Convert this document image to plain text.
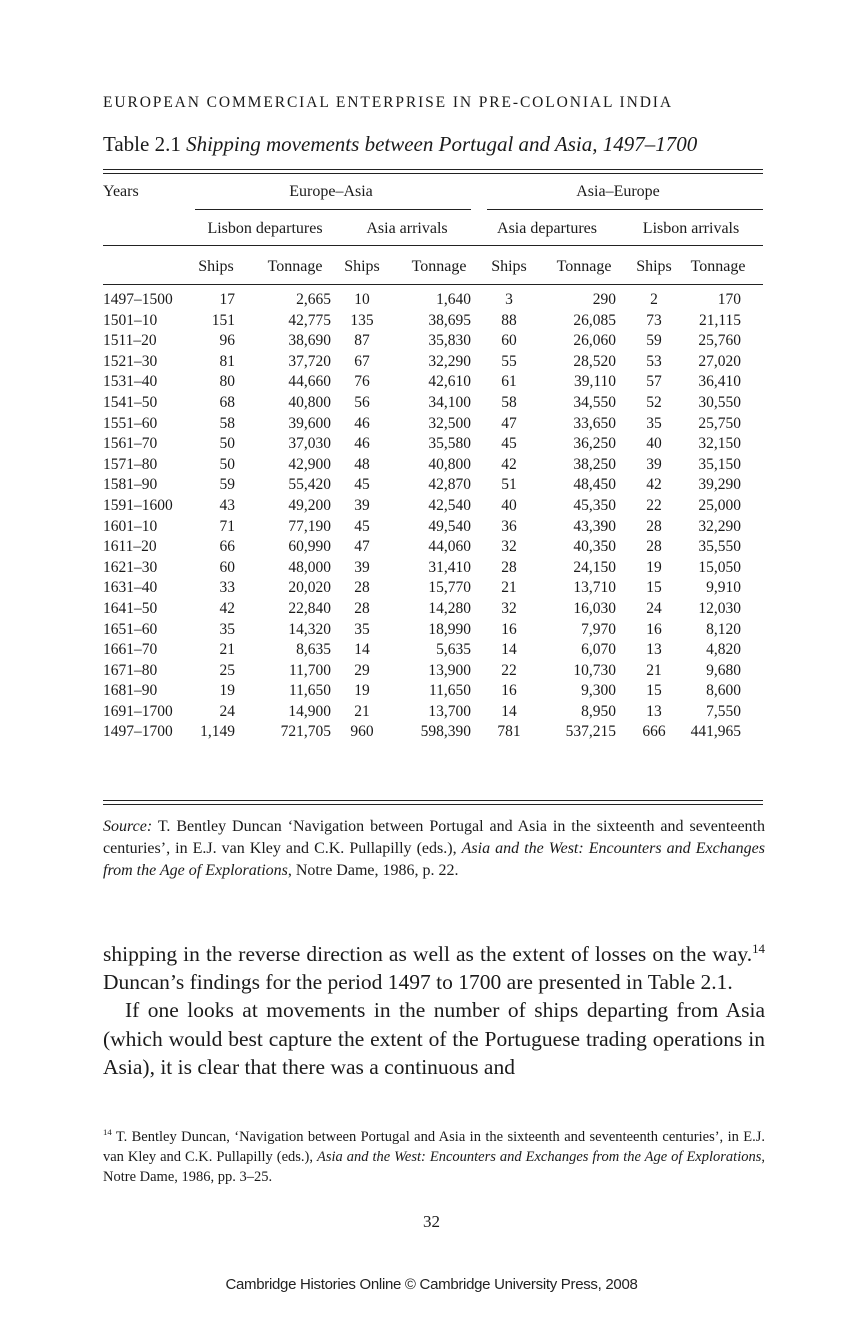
EUROPEAN COMMERCIAL ENTERPRISE IN PRE-COLONIAL INDIA
Table 2.1 Shipping movements between Portugal and Asia, 1497–1700
Years	Europe–Asia	Asia–Europe
Lisbon departures	Asia arrivals	Asia departures	Lisbon arrivals
Ships Tonnage Ships Tonnage Ships Tonnage Ships Tonnage
1497–1500	17	2,665 10	1,640 3	290 2	170
1501–10	151	42,775 135	38,695 88	26,085 73 21,115
1511–20	96	38,690 87	35,830 60	26,060 59 25,760
1521–30	81	37,720 67	32,290 55	28,520 53 27,020
1531–40	80	44,660 76	42,610 61	39,110 57 36,410
1541–50	68	40,800 56	34,100 58	34,550 52 30,550
1551–60	58	39,600 46	32,500 47	33,650 35 25,750
1561–70	50	37,030 46	35,580 45	36,250 40 32,150
1571–80	50	42,900 48	40,800 42	38,250 39 35,150
1581–90	59	55,420 45	42,870 51	48,450 42 39,290
1591–1600	43	49,200 39	42,540 40	45,350 22 25,000
1601–10	71	77,190 45	49,540 36	43,390 28 32,290
1611–20	66	60,990 47	44,060 32	40,350 28 35,550
1621–30	60	48,000 39	31,410 28	24,150 19 15,050
1631–40	33	20,020 28	15,770 21	13,710 15	9,910
1641–50	42	22,840 28	14,280 32	16,030 24 12,030
1651–60	35	14,320 35	18,990 16	7,970 16	8,120
1661–70	21	8,635 14	5,635 14	6,070 13	4,820
1671–80	25	11,700 29	13,900 22	10,730 21	9,680
1681–90	19	11,650 19	11,650 16	9,300 15	8,600
1691–1700	24	14,900 21	13,700 14	8,950 13	7,550
1497–1700 1,149	721,705 960	598,390 781	537,215 666 441,965
Source: T. Bentley Duncan ‘Navigation between Portugal and Asia in the sixteenth and seventeenth centuries’, in E.J. van Kley and C.K. Pullapilly (eds.), Asia and the West: Encounters and Exchanges from the Age of Explorations, Notre Dame, 1986, p. 22.

shipping in the reverse direction as well as the extent of losses on the way.$^{14}$ Duncan’s findings for the period 1497 to 1700 are presented in Table 2.1.

If one looks at movements in the number of ships departing from Asia (which would best capture the extent of the Portuguese trading operations in Asia), it is clear that there was a continuous and

$^{14}$ T. Bentley Duncan, ‘Navigation between Portugal and Asia in the sixteenth and seventeenth centuries’, in E.J. van Kley and C.K. Pullapilly (eds.), Asia and the West: Encounters and Exchanges from the Age of Explorations, Notre Dame, 1986, pp. 3–25.
32
Cambridge Histories Online © Cambridge University Press, 2008
